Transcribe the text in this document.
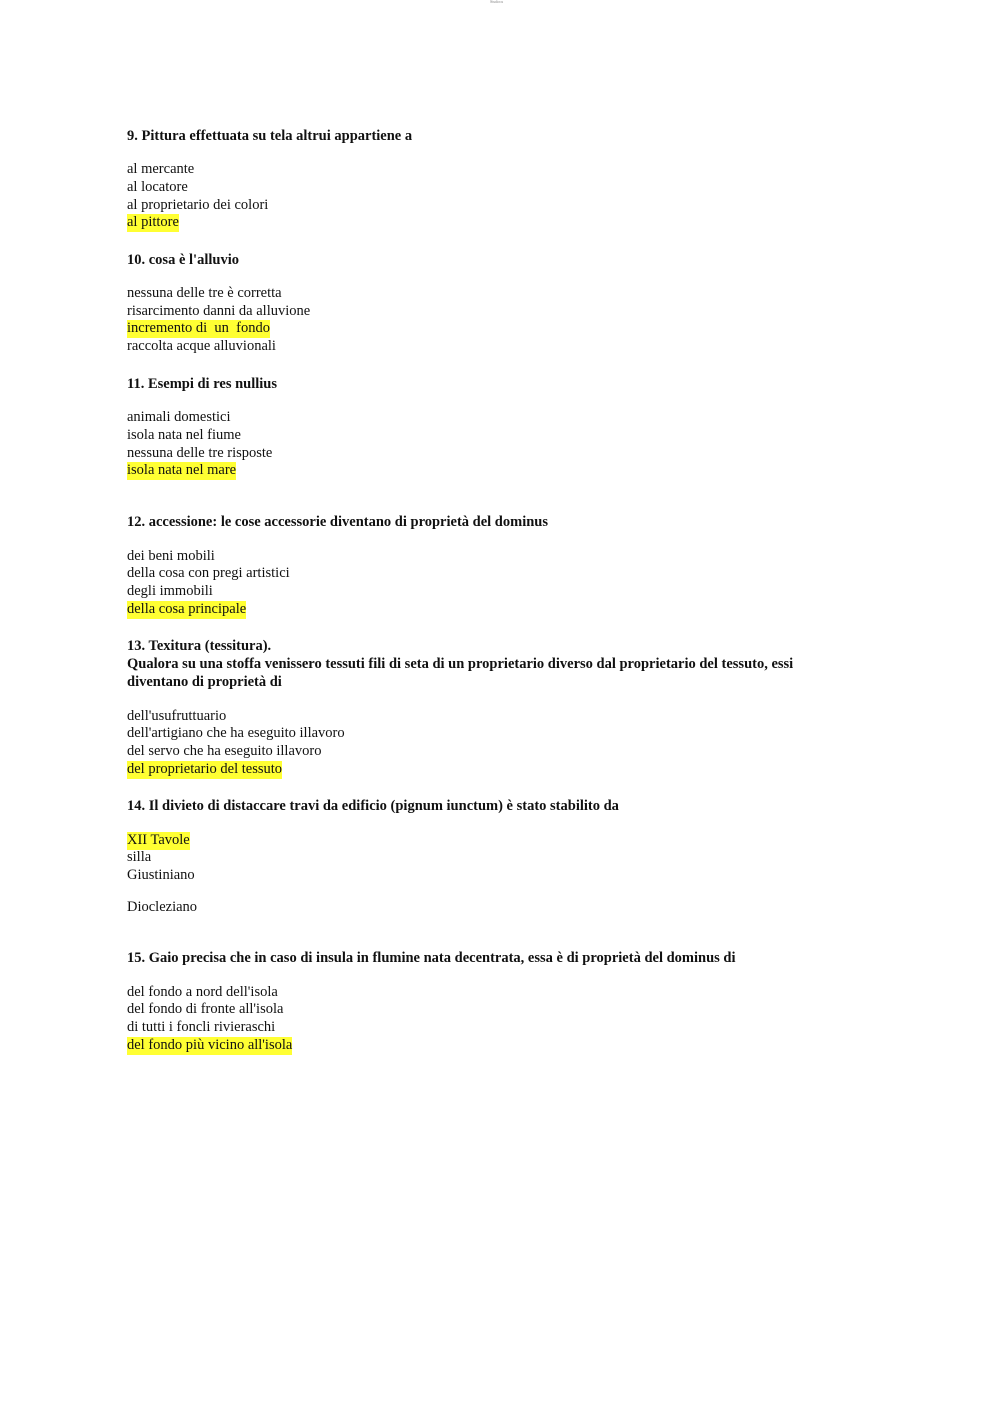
Studocu
9. Pittura effettuata su tela altrui appartiene a
al mercante
al locatore
al proprietario dei colori
al pittore
10. cosa è l'alluvio
nessuna delle tre è corretta
risarcimento danni da alluvione
incremento di  un  fondo
raccolta acque alluvionali
11. Esempi di res nullius
animali domestici
isola nata nel fiume
nessuna delle tre risposte
isola nata nel mare
12. accessione: le cose accessorie diventano di proprietà del dominus
dei beni mobili
della cosa con pregi artistici
degli immobili
della cosa principale
13. Texitura (tessitura).
Qualora su una stoffa venissero tessuti fili di seta di un proprietario diverso dal proprietario del tessuto, essi
diventano di proprietà di
dell'usufruttuario
dell'artigiano che ha eseguito illavoro
del servo che ha eseguito illavoro
del proprietario del tessuto
14. Il divieto di distaccare travi da edificio (pignum iunctum) è stato stabilito da
XII Tavole
silla
Giustiniano
Diocleziano
15. Gaio precisa che in caso di insula in flumine nata decentrata, essa è di proprietà del dominus di
del fondo a nord dell'isola
del fondo di fronte all'isola
di tutti i foncli rivieraschi
del fondo più vicino all'isola
